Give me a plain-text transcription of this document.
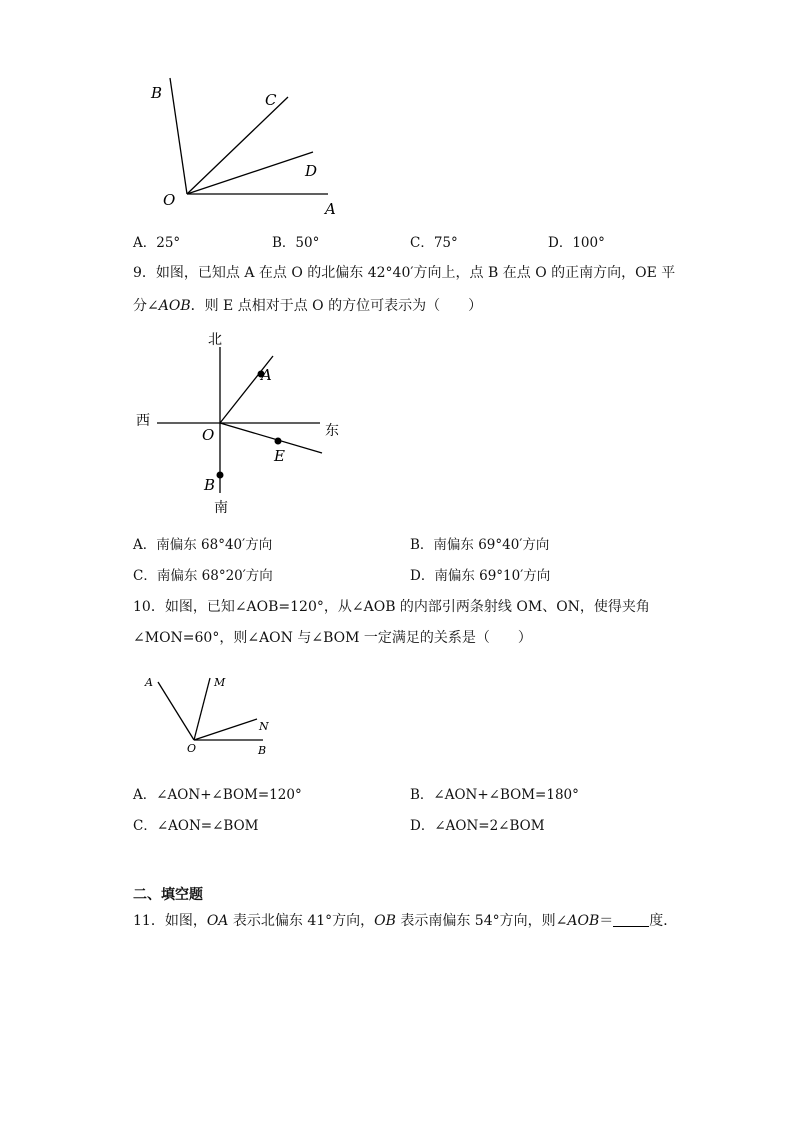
B	C
D
O	A
A．25°	B．50°	C．75°	D．100°
9．如图，已知点 A 在点 O 的北偏东 42°40′方向上，点 B 在点 O 的正南方向，OE 平
分∠AOB．则 E 点相对于点 O 的方位可表示为（　　）
北
南
西
东
A
O
E
B
A．南偏东 68°40′方向	B．南偏东 69°40′方向
C．南偏东 68°20′方向	D．南偏东 69°10′方向
10．如图，已知∠AOB=120°，从∠AOB 的内部引两条射线 OM、ON，使得夹角
∠MON=60°，则∠AON 与∠BOM 一定满足的关系是（　　）
A	M
N
O	B
A．∠AON+∠BOM=120°	B．∠AON+∠BOM=180°
C．∠AON=∠BOM	D．∠AON=2∠BOM
二、填空题
11．如图，OA 表示北偏东 41°方向，OB 表示南偏东 54°方向，则∠AOB＝	度．
